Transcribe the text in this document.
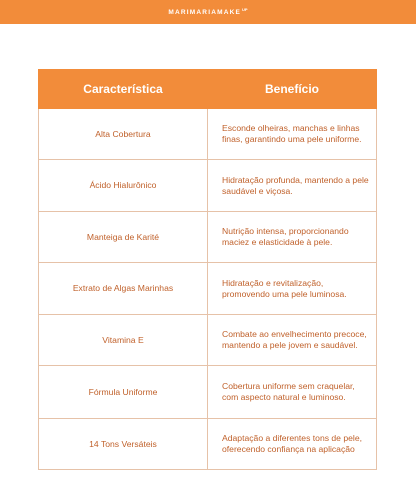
$MARIMARIAMAKE^{UP}$
Característica	Benefício
Alta Cobertura	Esconde olheiras, manchas e linhas finas, garantindo uma pele uniforme.
Ácido Hialurônico	Hidratação profunda, mantendo a pele saudável e viçosa.
Manteiga de Karité	Nutrição intensa, proporcionando maciez e elasticidade à pele.
Extrato de Algas Marinhas	Hidratação e revitalização, promovendo uma pele luminosa.
Vitamina E	Combate ao envelhecimento precoce, mantendo a pele jovem e saudável.
Fórmula Uniforme	Cobertura uniforme sem craquelar, com aspecto natural e luminoso.
14 Tons Versáteis	Adaptação a diferentes tons de pele, oferecendo confiança na aplicação
